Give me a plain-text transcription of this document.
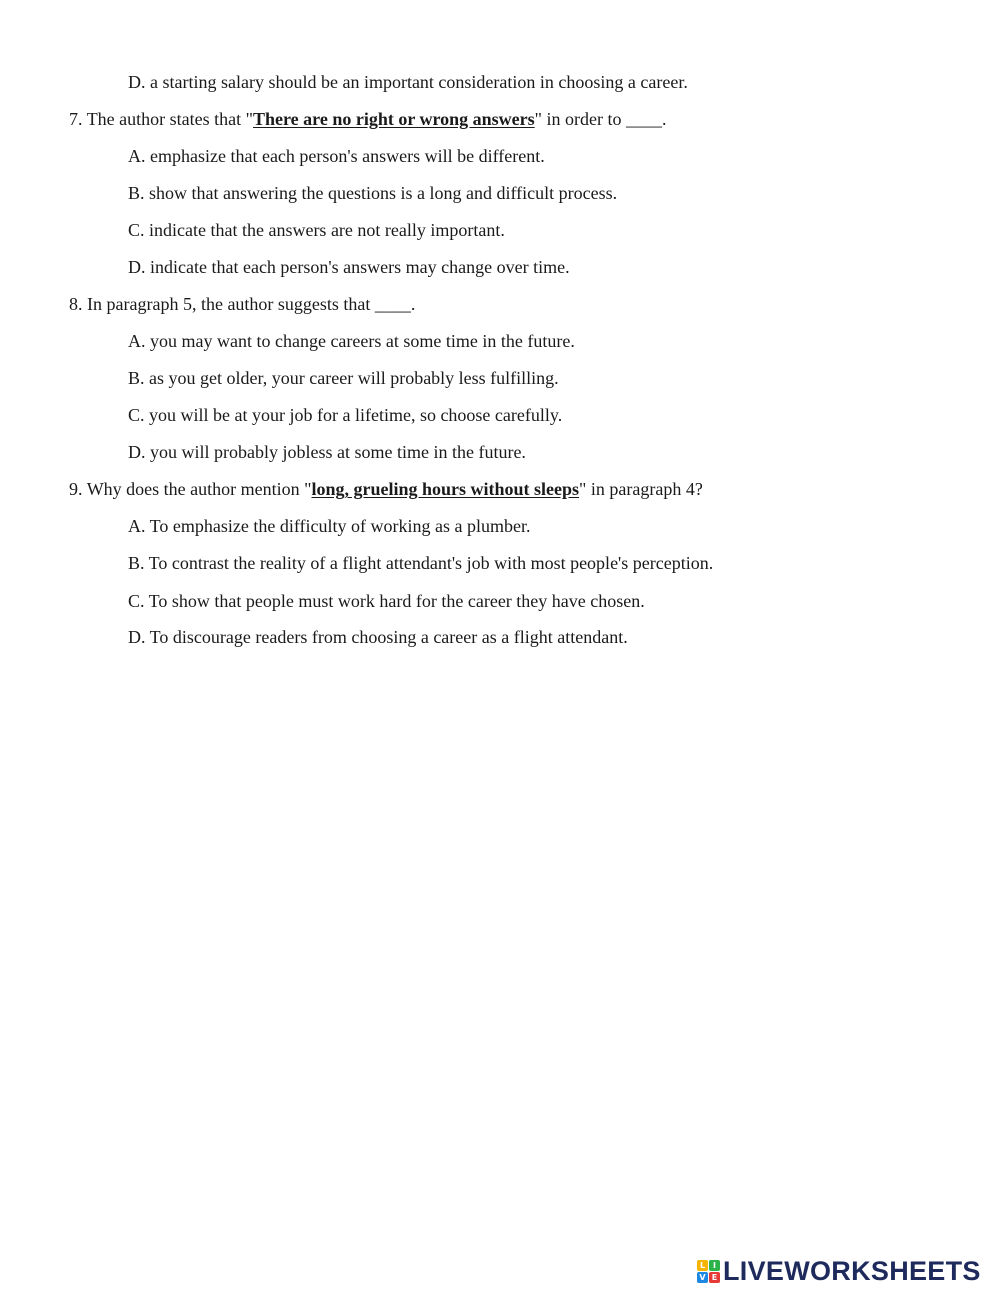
D. a starting salary should be an important consideration in choosing a career.
7. The author states that "There are no right or wrong answers" in order to ____.
A. emphasize that each person's answers will be different.
B. show that answering the questions is a long and difficult process.
C. indicate that the answers are not really important.
D. indicate that each person's answers may change over time.
8. In paragraph 5, the author suggests that ____.
A. you may want to change careers at some time in the future.
B. as you get older, your career will probably less fulfilling.
C. you will be at your job for a lifetime, so choose carefully.
D. you will probably jobless at some time in the future.
9. Why does the author mention "long, grueling hours without sleeps" in paragraph 4?
A. To emphasize the difficulty of working as a plumber.
B. To contrast the reality of a flight attendant's job with most people's perception.
C. To show that people must work hard for the career they have chosen.
D. To discourage readers from choosing a career as a flight attendant.
L I
V E LIVEWORKSHEETS
